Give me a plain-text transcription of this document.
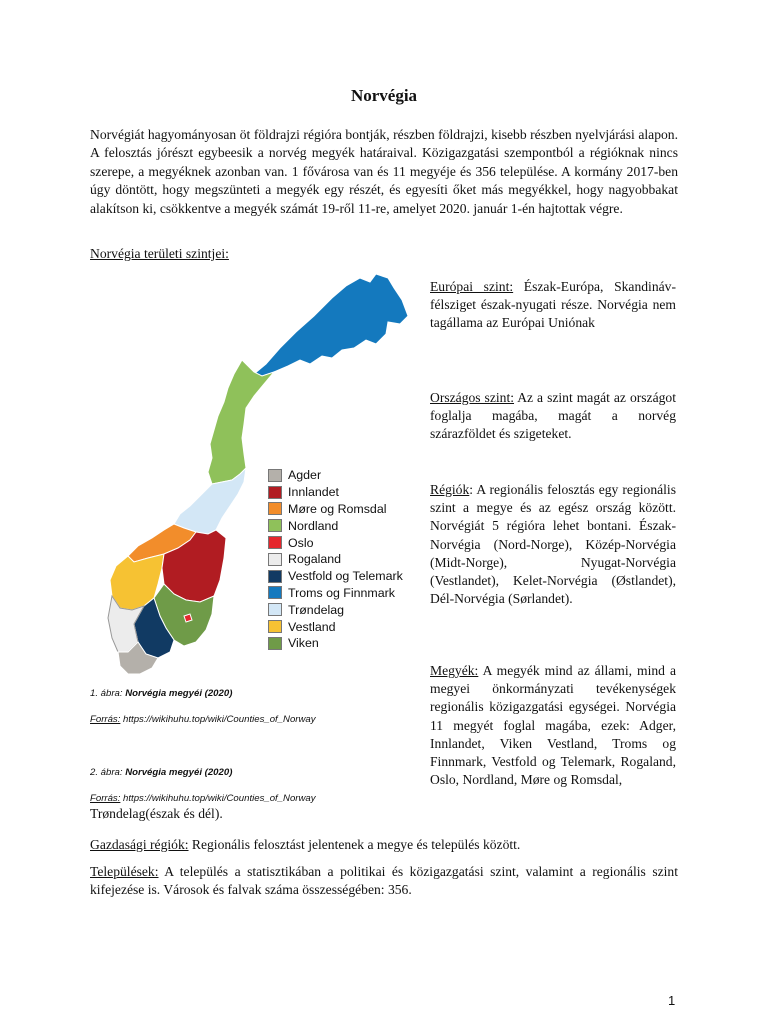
Norvégia

Norvégiát hagyományosan öt földrajzi régióra bontják, részben földrajzi, kisebb részben nyelvjárási alapon. A felosztás jórészt egybeesik a norvég megyék határaival. Közigazgatási szempontból a régióknak nincs szerepe, a megyéknek azonban van. 1 fővárosa van és 11 megyéje és 356 települése. A kormány 2017-ben úgy döntött, hogy megszünteti a megyék egy részét, és egyesíti őket más megyékkel, hogy nagyobbakat alakítson ki, csökkentve a megyék számát 19-ről 11-re, amelyet 2020. január 1-én hajtottak végre.

Norvégia területi szintjei:

Agder
Innlandet
Møre og Romsdal
Nordland
Oslo
Rogaland
Vestfold og Telemark
Troms og Finnmark
Trøndelag
Vestland
Viken

1. ábra: Norvégia megyéi (2020)

Forrás: https://wikihuhu.top/wiki/Counties_of_Norway

2. ábra: Norvégia megyéi (2020)

Forrás: https://wikihuhu.top/wiki/Counties_of_Norway

Európai szint: Észak-Európa, Skandináv-félsziget észak-nyugati része. Norvégia nem tagállama az Európai Uniónak

Országos szint: Az a szint magát az országot foglalja magába, magát a norvég szárazföldet és szigeteket.

Régiók: A regionális felosztás egy regionális szint a megye és az egész ország között. Norvégiát 5 régióra lehet bontani. Észak-Norvégia (Nord-Norge), Közép-Norvégia (Midt-Norge), Nyugat-Norvégia (Vestlandet), Kelet-Norvégia (Østlandet), Dél-Norvégia (Sørlandet).

Megyék: A megyék mind az állami, mind a megyei önkormányzati tevékenységek regionális közigazgatási egységei. Norvégia 11 megyét foglal magába, ezek: Adger, Innlandet, Viken Vestland, Troms og Finnmark, Vestfold og Telemark, Rogaland, Oslo, Nordland, Møre og Romsdal,

Trøndelag(észak és dél).

Gazdasági régiók: Regionális felosztást jelentenek a megye és település között.

Települések: A település a statisztikában a politikai és közigazgatási szint, valamint a regionális szint kifejezése is. Városok és falvak száma összességében: 356.

1
